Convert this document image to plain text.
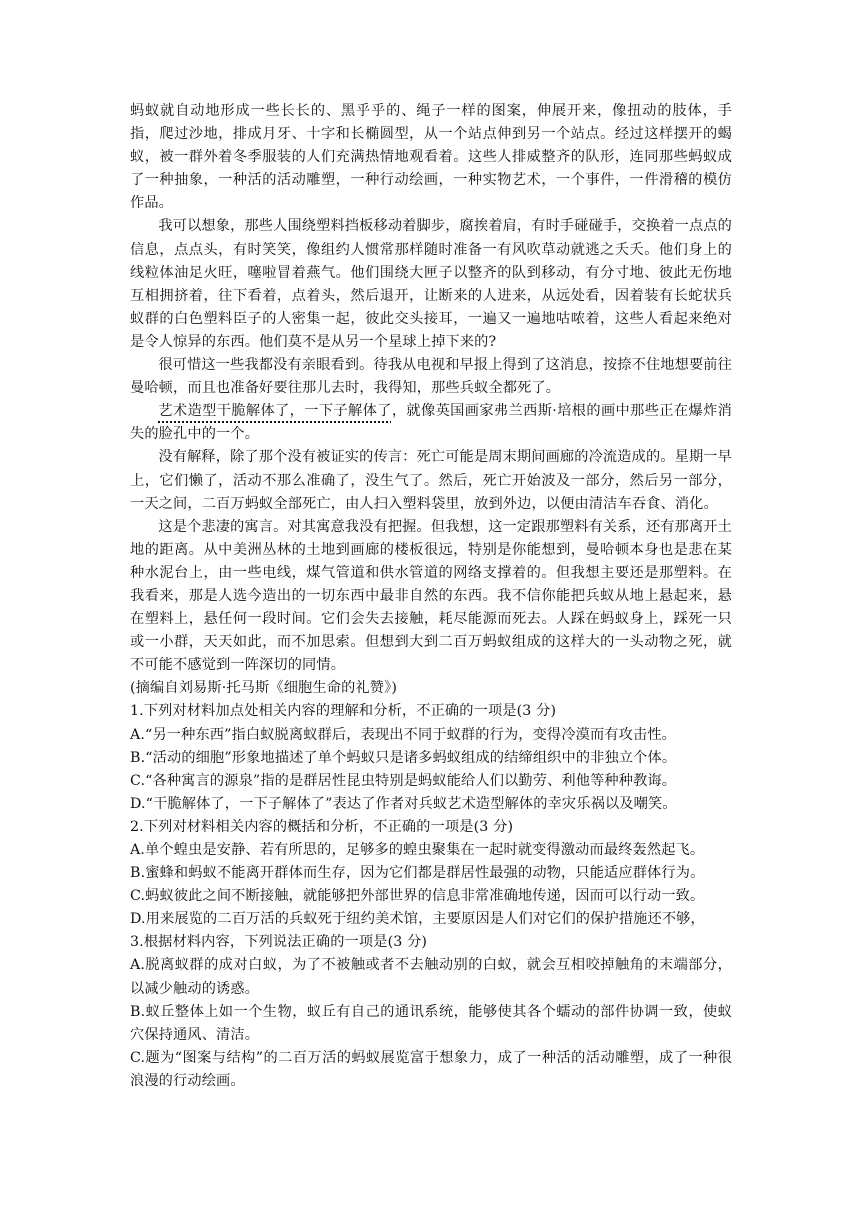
蚂蚁就自动地形成一些长长的、黑乎乎的、绳子一样的图案，伸展开来，像扭动的肢体，手指，爬过沙地，排成月牙、十字和长椭圆型，从一个站点伸到另一个站点。经过这样摆开的蝎蚁，被一群外着冬季服装的人们充满热情地观看着。这些人排威整齐的队形，连同那些蚂蚁成了一种抽象，一种活的活动雕塑，一种行动绘画，一种实物艺术，一个事件，一件滑稽的模仿作品。

我可以想象，那些人围绕塑料挡板移动着脚步，腐挨着肩，有时手碰碰手，交换着一点点的信息，点点头，有时笑笑，像组约人惯常那样随时准备一有风吹草动就逃之夭夭。他们身上的线粒体油足火旺，噻啦冒着燕气。他们围绕大匣子以整齐的队到移动，有分寸地、彼此无伤地互相拥挤着，往下看着，点着头，然后退开，让断来的人进来，从远处看，因着装有长蛇状兵蚁群的白色塑料臣子的人密集一起，彼此交头接耳，一遍又一遍地咕哝着，这些人看起来绝对是令人惊异的东西。他们莫不是从另一个星球上掉下来的?

很可惜这一些我都没有亲眼看到。待我从电视和早报上得到了这消息，按捺不住地想要前往曼哈顿，而且也准备好要往那儿去时，我得知，那些兵蚁全都死了。

艺术造型干脆解体了，一下子解体了，就像英国画家弗兰西斯·培根的画中那些正在爆炸消失的脸孔中的一个。

没有解释，除了那个没有被证实的传言：死亡可能是周末期间画廊的冷流造成的。星期一早上，它们懒了，活动不那么准确了，没生气了。然后，死亡开始波及一部分，然后另一部分，一天之间，二百万蚂蚁全部死亡，由人扫入塑料袋里，放到外边，以便由清洁车吞食、消化。

这是个悲凄的寓言。对其寓意我没有把握。但我想，这一定跟那塑料有关系，还有那离开土地的距离。从中美洲丛林的土地到画廊的楼板很远，特别是你能想到，曼哈顿本身也是悲在某种水泥台上，由一些电线，煤气管道和供水管道的网络支撑着的。但我想主要还是那塑料。在我看来，那是人选今造出的一切东西中最非自然的东西。我不信你能把兵蚁从地上悬起来，悬在塑料上，悬任何一段时间。它们会失去接触，耗尽能源而死去。人踩在蚂蚁身上，踩死一只或一小群，天天如此，而不加思索。但想到大到二百万蚂蚁组成的这样大的一头动物之死，就不可能不感觉到一阵深切的同情。

(摘编自刘易斯·托马斯《细胞生命的礼赞》)

1.下列对材料加点处相关内容的理解和分析，不正确的一项是(3 分)

A.“另一种东西”指白蚁脱离蚁群后，表现出不同于蚁群的行为，变得冷漠而有攻击性。

B.“活动的细胞”形象地描述了单个蚂蚁只是诸多蚂蚁组成的结缔组织中的非独立个体。

C.“各种寓言的源泉”指的是群居性昆虫特别是蚂蚁能给人们以勤劳、利他等种种教诲。

D.“干脆解体了，一下子解体了”表达了作者对兵蚁艺术造型解体的幸灾乐祸以及嘲笑。

2.下列对材料相关内容的概括和分析，不正确的一项是(3 分)

A.单个蝗虫是安静、若有所思的，足够多的蝗虫聚集在一起时就变得激动而最终轰然起飞。

B.蜜蜂和蚂蚁不能离开群体而生存，因为它们都是群居性最强的动物，只能适应群体行为。

C.蚂蚁彼此之间不断接触，就能够把外部世界的信息非常准确地传递，因而可以行动一致。

D.用来展览的二百万活的兵蚁死于纽约美术馆，主要原因是人们对它们的保护措施还不够，

3.根据材料内容，下列说法正确的一项是(3 分)

A.脱离蚁群的成对白蚁，为了不被触或者不去触动别的白蚁，就会互相咬掉触角的末端部分，以减少触动的诱惑。

B.蚁丘整体上如一个生物，蚁丘有自己的通讯系统，能够使其各个蠕动的部件协调一致，使蚁穴保持通风、清洁。

C.题为“图案与结构”的二百万活的蚂蚁展览富于想象力，成了一种活的活动雕塑，成了一种很浪漫的行动绘画。
